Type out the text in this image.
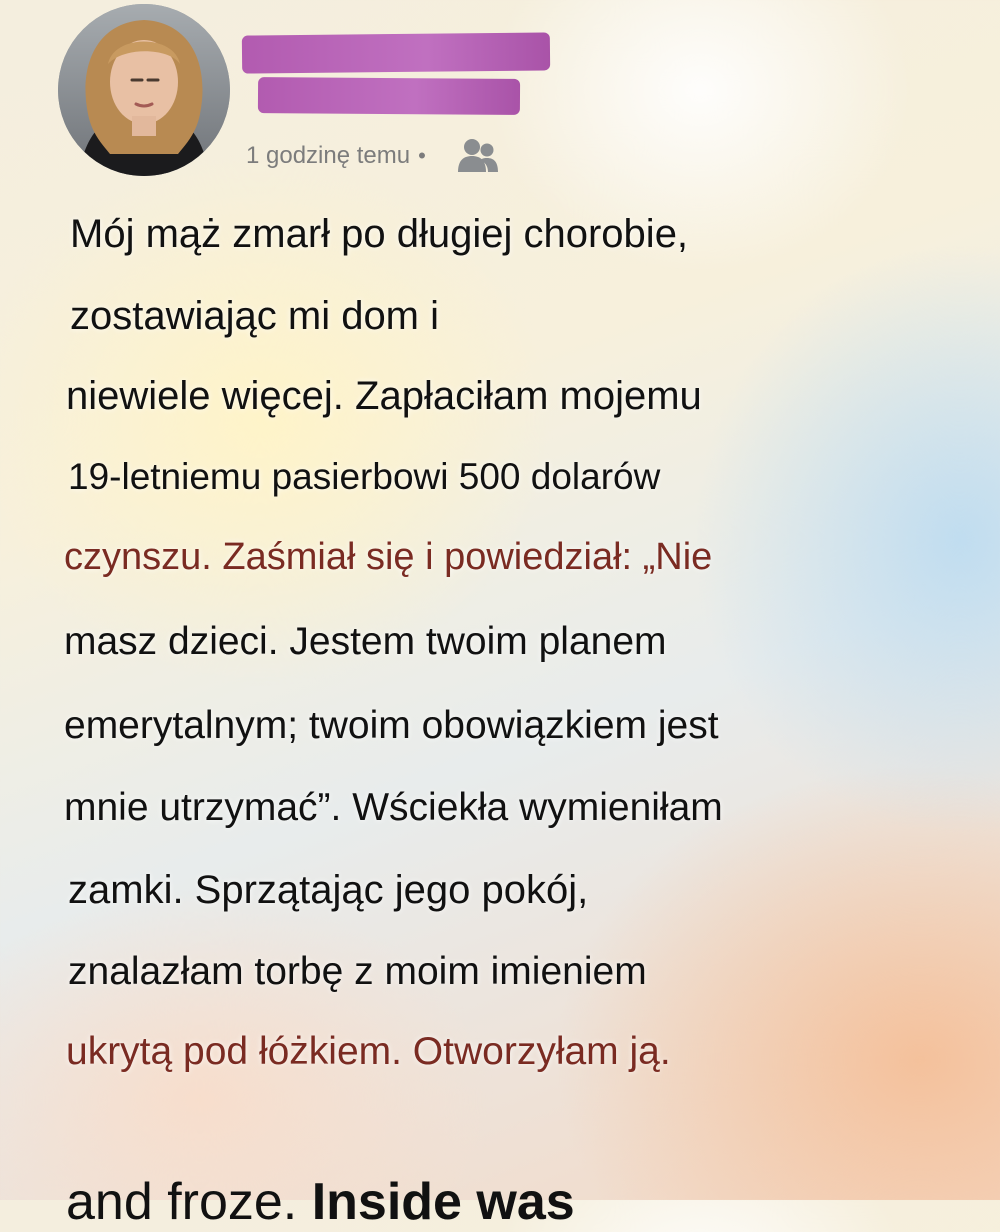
1 godzinę temu •
Mój mąż zmarł po długiej chorobie,
zostawiając mi dom i
niewiele więcej. Zapłaciłam mojemu
19-letniemu pasierbowi 500 dolarów
czynszu. Zaśmiał się i powiedział: „Nie
masz dzieci. Jestem twoim planem
emerytalnym; twoim obowiązkiem jest
mnie utrzymać”. Wściekła wymieniłam
zamki. Sprzątając jego pokój,
znalazłam torbę z moim imieniem
ukrytą pod łóżkiem. Otworzyłam ją.
and froze. Inside was
